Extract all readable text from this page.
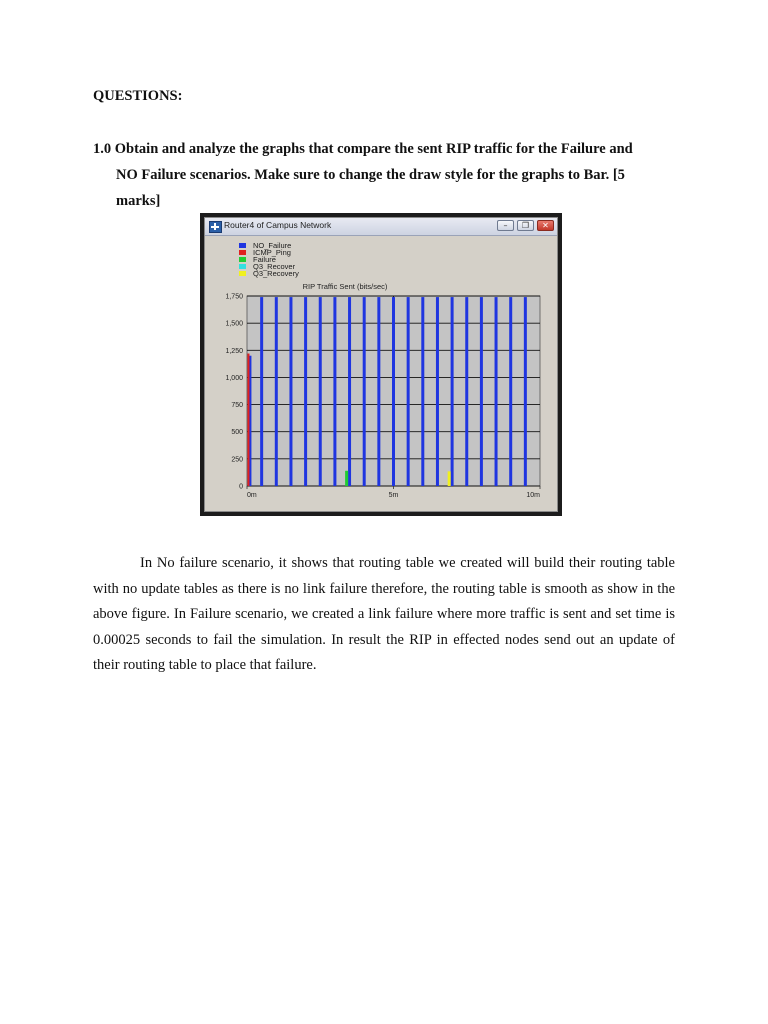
QUESTIONS:
1.0 Obtain and analyze the graphs that compare the sent RIP traffic for the Failure and
NO Failure scenarios. Make sure to change the draw style for the graphs to Bar. [5
marks]
Router4 of Campus Network	–	❐	✕
NO_Failure
ICMP_Ping
Failure
Q3_Recover
Q3_Recovery
0
250
500
750
1,000
1,250
1,500
1,750
0m	5m	10m
RIP Traffic Sent (bits/sec)
In No failure scenario, it shows that routing table we created will build their routing table with no update tables as there is no link failure therefore, the routing table is smooth as show in the above figure. In Failure scenario, we created a link failure where more traffic is sent and set time is 0.00025 seconds to fail the simulation. In result the RIP in effected nodes send out an update of their routing table to place that failure.
